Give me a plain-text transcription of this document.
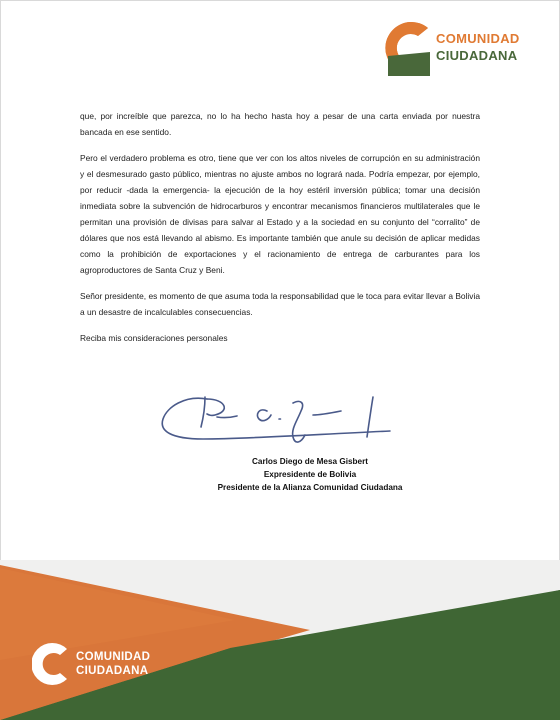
COMUNIDAD
CIUDADANA

que, por increíble que parezca, no lo ha hecho hasta hoy a pesar de una carta enviada por nuestra bancada en ese sentido.

Pero el verdadero problema es otro, tiene que ver con los altos niveles de corrupción en su administración y el desmesurado gasto público, mientras no ajuste ambos no logrará nada. Podría empezar, por ejemplo, por reducir -dada la emergencia- la ejecución de la hoy estéril inversión pública; tomar una decisión inmediata sobre la subvención de hidrocarburos y encontrar mecanismos financieros multilaterales que le permitan una provisión de divisas para salvar al Estado y a la sociedad en su conjunto del “corralito” de dólares que nos está llevando al abismo. Es importante también que anule su decisión de aplicar medidas como la prohibición de exportaciones y el racionamiento de entrega de carburantes para los agroproductores de Santa Cruz y Beni.

Señor presidente, es momento de que asuma toda la responsabilidad que le toca para evitar llevar a Bolivia a un desastre de incalculables consecuencias.

Reciba mis consideraciones personales

Carlos Diego de Mesa Gisbert
Expresidente de Bolivia
Presidente de la Alianza Comunidad Ciudadana
COMUNIDAD
CIUDADANA
